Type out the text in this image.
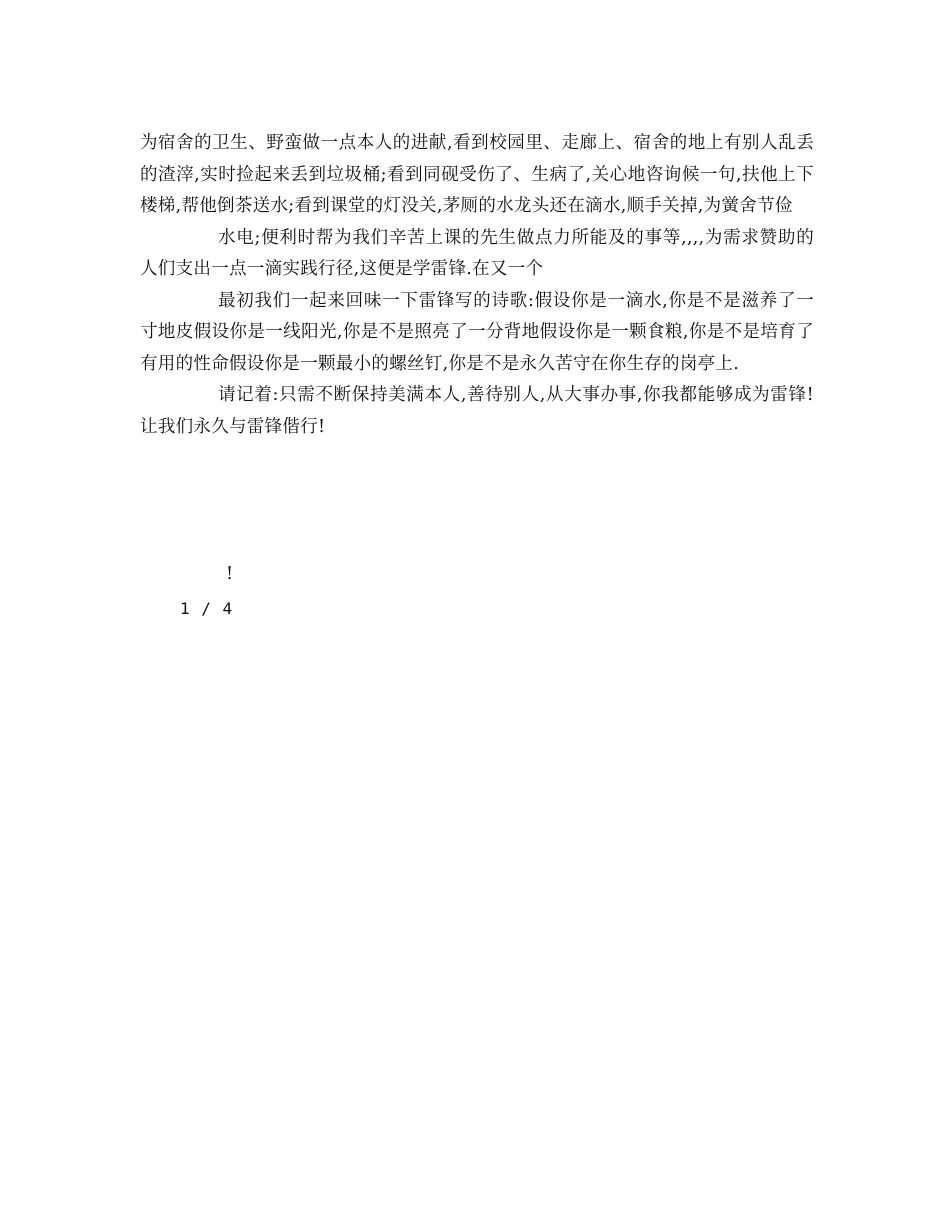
为宿舍的卫生、野蛮做一点本人的进献,看到校园里、走廊上、宿舍的地上有别人乱丢的渣滓,实时捡起来丢到垃圾桶;看到同砚受伤了、生病了,关心地咨询候一句,扶他上下楼梯,帮他倒茶送水;看到课堂的灯没关,茅厕的水龙头还在滴水,顺手关掉,为黉舍节俭

水电;便利时帮为我们辛苦上课的先生做点力所能及的事等,,,,为需求赞助的人们支出一点一滴实践行径,这便是学雷锋.在又一个

最初我们一起来回味一下雷锋写的诗歌:假设你是一滴水,你是不是滋养了一寸地皮假设你是一线阳光,你是不是照亮了一分背地假设你是一颗食粮,你是不是培育了有用的性命假设你是一颗最小的螺丝钉,你是不是永久苦守在你生存的岗亭上.

请记着:只需不断保持美满本人,善待别人,从大事办事,你我都能够成为雷锋!让我们永久与雷锋偕行!

!
1 / 4
